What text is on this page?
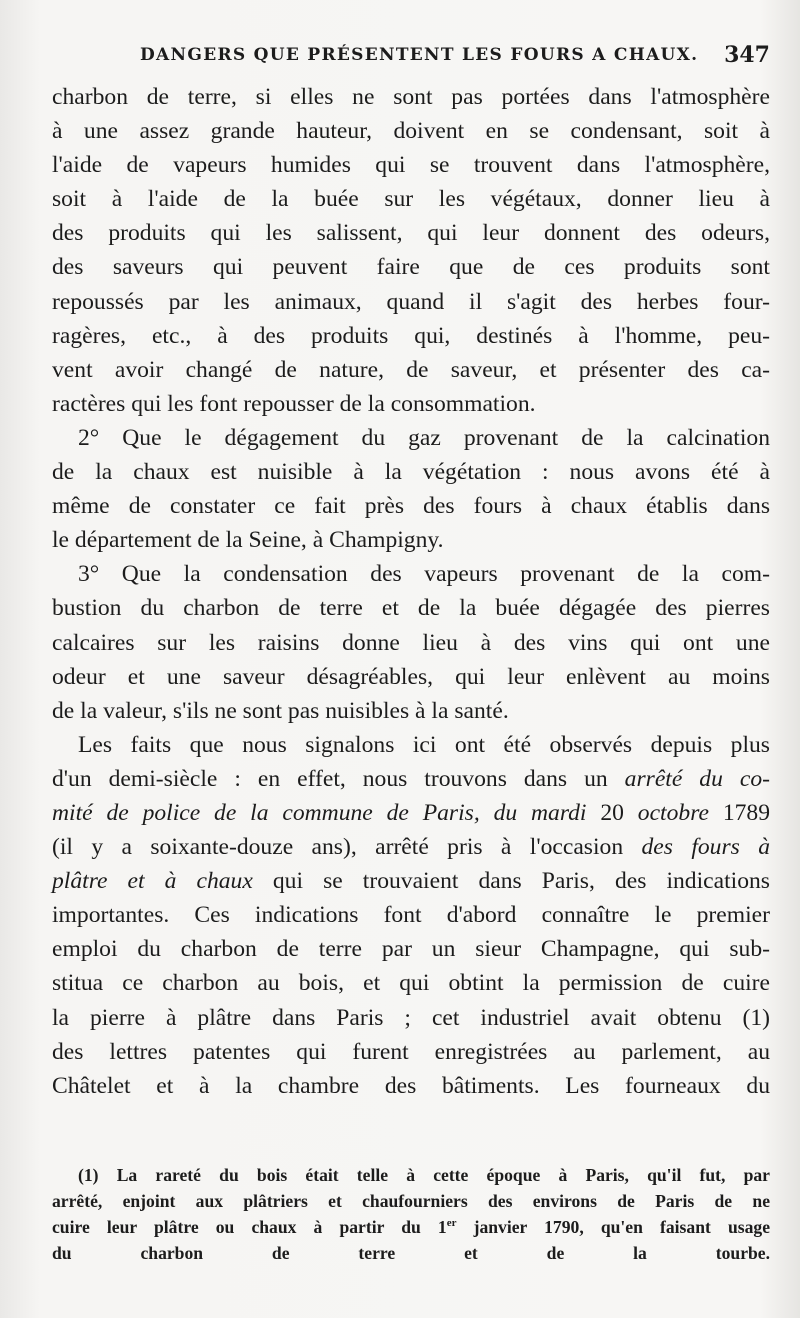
DANGERS QUE PRÉSENTENT LES FOURS A CHAUX. 347

charbon de terre, si elles ne sont pas portées dans l'atmosphère
à une assez grande hauteur, doivent en se condensant, soit à
l'aide de vapeurs humides qui se trouvent dans l'atmosphère,
soit à l'aide de la buée sur les végétaux, donner lieu à
des produits qui les salissent, qui leur donnent des odeurs,
des saveurs qui peuvent faire que de ces produits sont
repoussés par les animaux, quand il s'agit des herbes four-
ragères, etc., à des produits qui, destinés à l'homme, peu-
vent avoir changé de nature, de saveur, et présenter des ca-
ractères qui les font repousser de la consommation.

2° Que le dégagement du gaz provenant de la calcination
de la chaux est nuisible à la végétation : nous avons été à
même de constater ce fait près des fours à chaux établis dans
le département de la Seine, à Champigny.

3° Que la condensation des vapeurs provenant de la com-
bustion du charbon de terre et de la buée dégagée des pierres
calcaires sur les raisins donne lieu à des vins qui ont une
odeur et une saveur désagréables, qui leur enlèvent au moins
de la valeur, s'ils ne sont pas nuisibles à la santé.

Les faits que nous signalons ici ont été observés depuis plus
d'un demi-siècle : en effet, nous trouvons dans un arrêté du co-
mité de police de la commune de Paris, du mardi 20 octobre 1789
(il y a soixante-douze ans), arrêté pris à l'occasion des fours à
plâtre et à chaux qui se trouvaient dans Paris, des indications
importantes. Ces indications font d'abord connaître le premier
emploi du charbon de terre par un sieur Champagne, qui sub-
stitua ce charbon au bois, et qui obtint la permission de cuire
la pierre à plâtre dans Paris ; cet industriel avait obtenu (1)
des lettres patentes qui furent enregistrées au parlement, au
Châtelet et à la chambre des bâtiments. Les fourneaux du

(1) La rareté du bois était telle à cette époque à Paris, qu'il fut, par
arrêté, enjoint aux plâtriers et chaufourniers des environs de Paris de ne
cuire leur plâtre ou chaux à partir du 1er janvier 1790, qu'en faisant usage
du charbon de terre et de la tourbe.
